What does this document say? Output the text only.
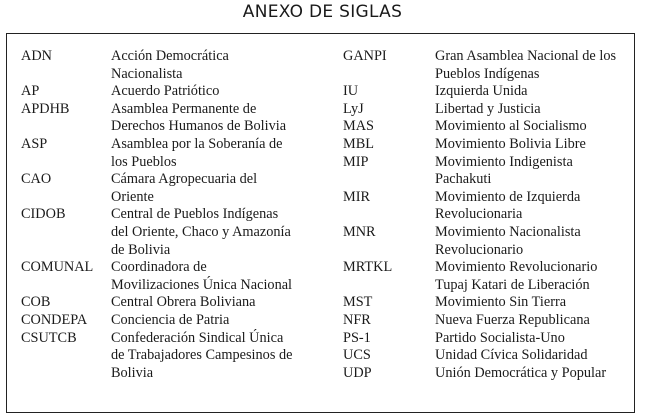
ANEXO DE SIGLAS
ADN	Acción Democrática
Nacionalista
AP	Acuerdo Patriótico
APDHB	Asamblea Permanente de
Derechos Humanos de Bolivia
ASP	Asamblea por la Soberanía de
los Pueblos
CAO	Cámara Agropecuaria del
Oriente
CIDOB	Central de Pueblos Indígenas
del Oriente, Chaco y Amazonía
de Bolivia
COMUNAL	Coordinadora de
Movilizaciones Única Nacional
COB	Central Obrera Boliviana
CONDEPA	Conciencia de Patria
CSUTCB	Confederación Sindical Única
de Trabajadores Campesinos de
Bolivia
GANPI	Gran Asamblea Nacional de los
Pueblos Indígenas
IU	Izquierda Unida
LyJ	Libertad y Justicia
MAS	Movimiento al Socialismo
MBL	Movimiento Bolivia Libre
MIP	Movimiento Indigenista
Pachakuti
MIR	Movimiento de Izquierda
Revolucionaria
MNR	Movimiento Nacionalista
Revolucionario
MRTKL	Movimiento Revolucionario
Tupaj Katari de Liberación
MST	Movimiento Sin Tierra
NFR	Nueva Fuerza Republicana
PS-1	Partido Socialista-Uno
UCS	Unidad Cívica Solidaridad
UDP	Unión Democrática y Popular
